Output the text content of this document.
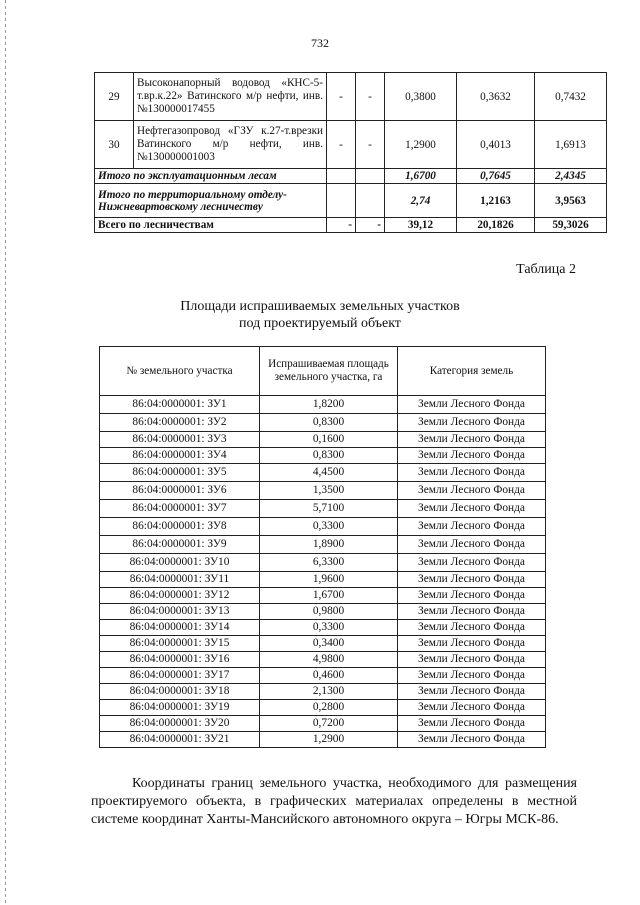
732
29	Высоконапорный водовод «КНС-5-т.вр.к.22» Ватинского м/р нефти, инв.№130000017455	-	-	0,3800	0,3632	0,7432
30	Нефтегазопровод «ГЗУ к.27-т.врезки Ватинского м/р нефти, инв.№130000001003	-	-	1,2900	0,4013	1,6913
Итого по эксплуатационным лесам				1,6700	0,7645	2,4345
Итого по территориальному отделу-Нижневартовскому лесничеству				2,74	1,2163	3,9563
Всего по лесничествам		-	-	39,12	20,1826	59,3026
Таблица 2
Площади испрашиваемых земельных участков
под проектируемый объект
№ земельного участка	Испрашиваемая площадь земельного участка, га	Категория земель
86:04:0000001: ЗУ1	1,8200	Земли Лесного Фонда
86:04:0000001: ЗУ2	0,8300	Земли Лесного Фонда
86:04:0000001: ЗУ3	0,1600	Земли Лесного Фонда
86:04:0000001: ЗУ4	0,8300	Земли Лесного Фонда
86:04:0000001: ЗУ5	4,4500	Земли Лесного Фонда
86:04:0000001: ЗУ6	1,3500	Земли Лесного Фонда
86:04:0000001: ЗУ7	5,7100	Земли Лесного Фонда
86:04:0000001: ЗУ8	0,3300	Земли Лесного Фонда
86:04:0000001: ЗУ9	1,8900	Земли Лесного Фонда
86:04:0000001: ЗУ10	6,3300	Земли Лесного Фонда
86:04:0000001: ЗУ11	1,9600	Земли Лесного Фонда
86:04:0000001: ЗУ12	1,6700	Земли Лесного Фонда
86:04:0000001: ЗУ13	0,9800	Земли Лесного Фонда
86:04:0000001: ЗУ14	0,3300	Земли Лесного Фонда
86:04:0000001: ЗУ15	0,3400	Земли Лесного Фонда
86:04:0000001: ЗУ16	4,9800	Земли Лесного Фонда
86:04:0000001: ЗУ17	0,4600	Земли Лесного Фонда
86:04:0000001: ЗУ18	2,1300	Земли Лесного Фонда
86:04:0000001: ЗУ19	0,2800	Земли Лесного Фонда
86:04:0000001: ЗУ20	0,7200	Земли Лесного Фонда
86:04:0000001: ЗУ21	1,2900	Земли Лесного Фонда
Координаты границ земельного участка, необходимого для размещения проектируемого объекта, в графических материалах определены в местной системе координат Ханты-Мансийского автономного округа – Югры МСК-86.
